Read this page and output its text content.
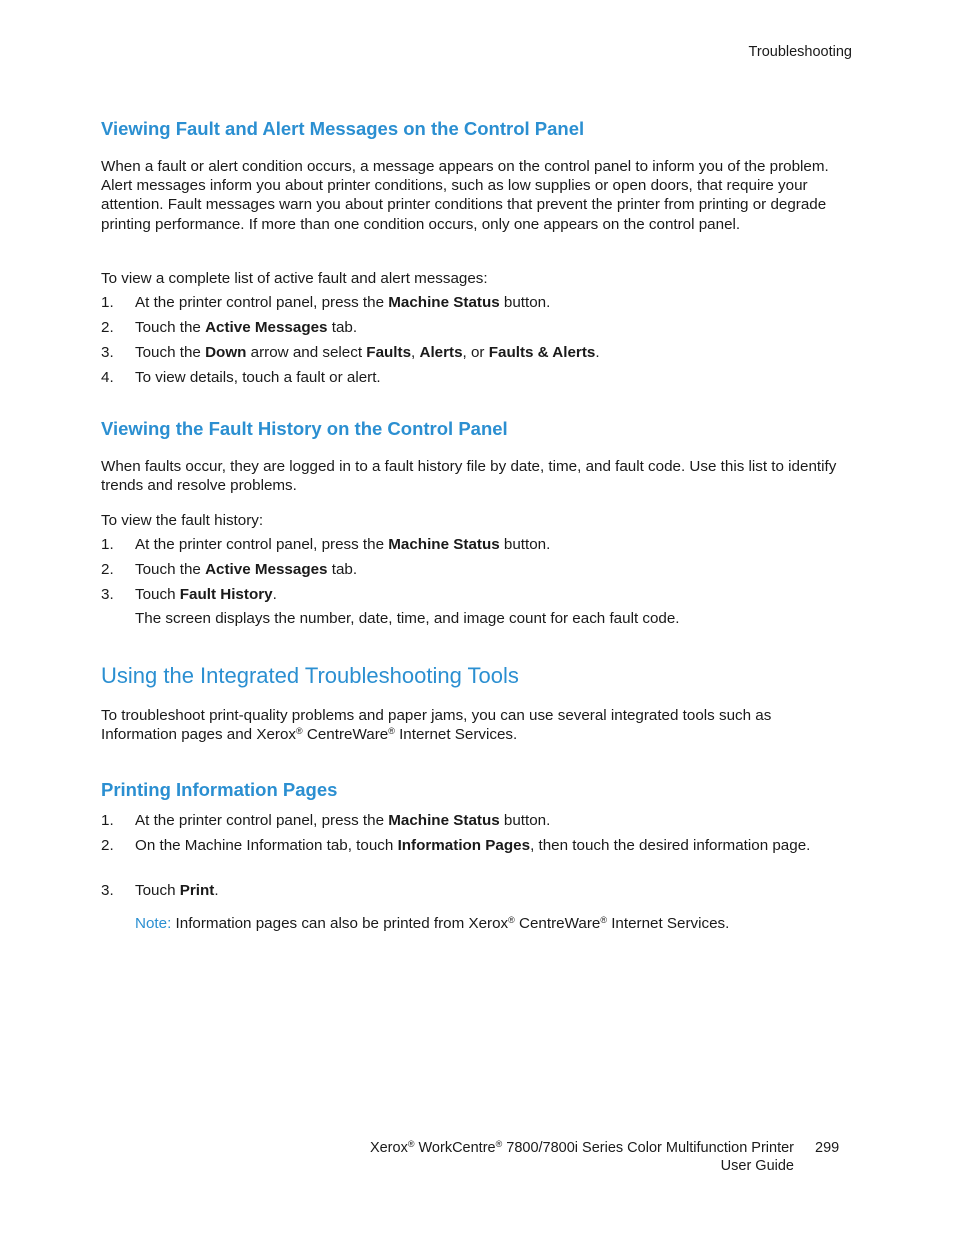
Troubleshooting
Viewing Fault and Alert Messages on the Control Panel

When a fault or alert condition occurs, a message appears on the control panel to inform you of the problem. Alert messages inform you about printer conditions, such as low supplies or open doors, that require your attention. Fault messages warn you about printer conditions that prevent the printer from printing or degrade printing performance. If more than one condition occurs, only one appears on the control panel.

To view a complete list of active fault and alert messages:

1. At the printer control panel, press the Machine Status button.
2. Touch the Active Messages tab.
3. Touch the Down arrow and select Faults, Alerts, or Faults & Alerts.
4. To view details, touch a fault or alert.
Viewing the Fault History on the Control Panel

When faults occur, they are logged in to a fault history file by date, time, and fault code. Use this list to identify trends and resolve problems.

To view the fault history:

1. At the printer control panel, press the Machine Status button.
2. Touch the Active Messages tab.
3. Touch Fault History.
The screen displays the number, date, time, and image count for each fault code.
Using the Integrated Troubleshooting Tools

To troubleshoot print-quality problems and paper jams, you can use several integrated tools such as Information pages and Xerox® CentreWare® Internet Services.

Printing Information Pages
1. At the printer control panel, press the Machine Status button.
2. On the Machine Information tab, touch Information Pages, then touch the desired information page.
3. Touch Print.
Note: Information pages can also be printed from Xerox® CentreWare® Internet Services.
Xerox® WorkCentre® 7800/7800i Series Color Multifunction Printer
User Guide
299
